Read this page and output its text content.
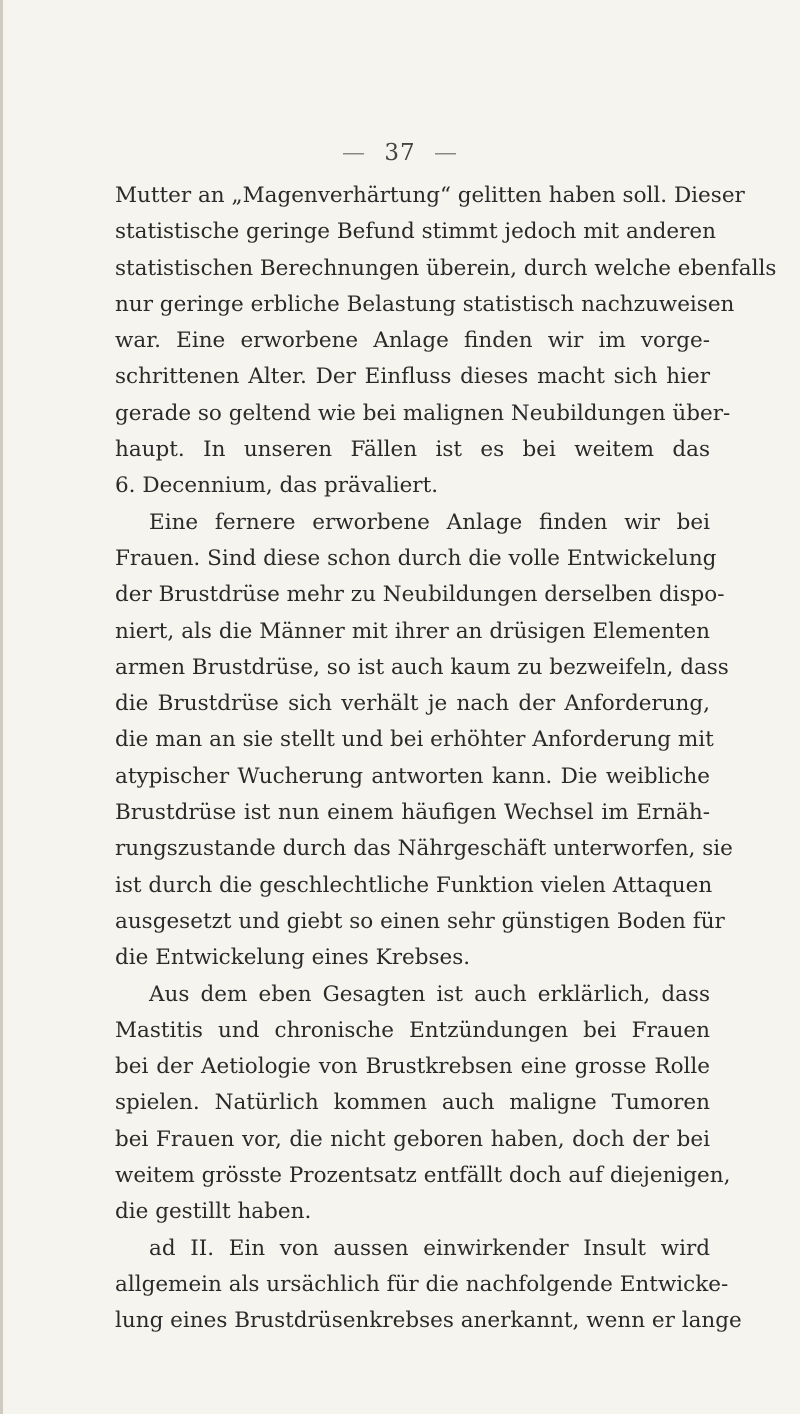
— 37 —
Mutter an „Magenverhärtung“ gelitten haben soll. Dieser
statistische geringe Befund stimmt jedoch mit anderen
statistischen Berechnungen überein, durch welche ebenfalls
nur geringe erbliche Belastung statistisch nachzuweisen
war. Eine erworbene Anlage finden wir im vorge-
schrittenen Alter. Der Einfluss dieses macht sich hier
gerade so geltend wie bei malignen Neubildungen über-
haupt. In unseren Fällen ist es bei weitem das
6. Decennium, das prävaliert.
Eine fernere erworbene Anlage finden wir bei
Frauen. Sind diese schon durch die volle Entwickelung
der Brustdrüse mehr zu Neubildungen derselben dispo-
niert, als die Männer mit ihrer an drüsigen Elementen
armen Brustdrüse, so ist auch kaum zu bezweifeln, dass
die Brustdrüse sich verhält je nach der Anforderung,
die man an sie stellt und bei erhöhter Anforderung mit
atypischer Wucherung antworten kann. Die weibliche
Brustdrüse ist nun einem häufigen Wechsel im Ernäh-
rungszustande durch das Nährgeschäft unterworfen, sie
ist durch die geschlechtliche Funktion vielen Attaquen
ausgesetzt und giebt so einen sehr günstigen Boden für
die Entwickelung eines Krebses.
Aus dem eben Gesagten ist auch erklärlich, dass
Mastitis und chronische Entzündungen bei Frauen
bei der Aetiologie von Brustkrebsen eine grosse Rolle
spielen. Natürlich kommen auch maligne Tumoren
bei Frauen vor, die nicht geboren haben, doch der bei
weitem grösste Prozentsatz entfällt doch auf diejenigen,
die gestillt haben.
ad II. Ein von aussen einwirkender Insult wird
allgemein als ursächlich für die nachfolgende Entwicke-
lung eines Brustdrüsenkrebses anerkannt, wenn er lange
